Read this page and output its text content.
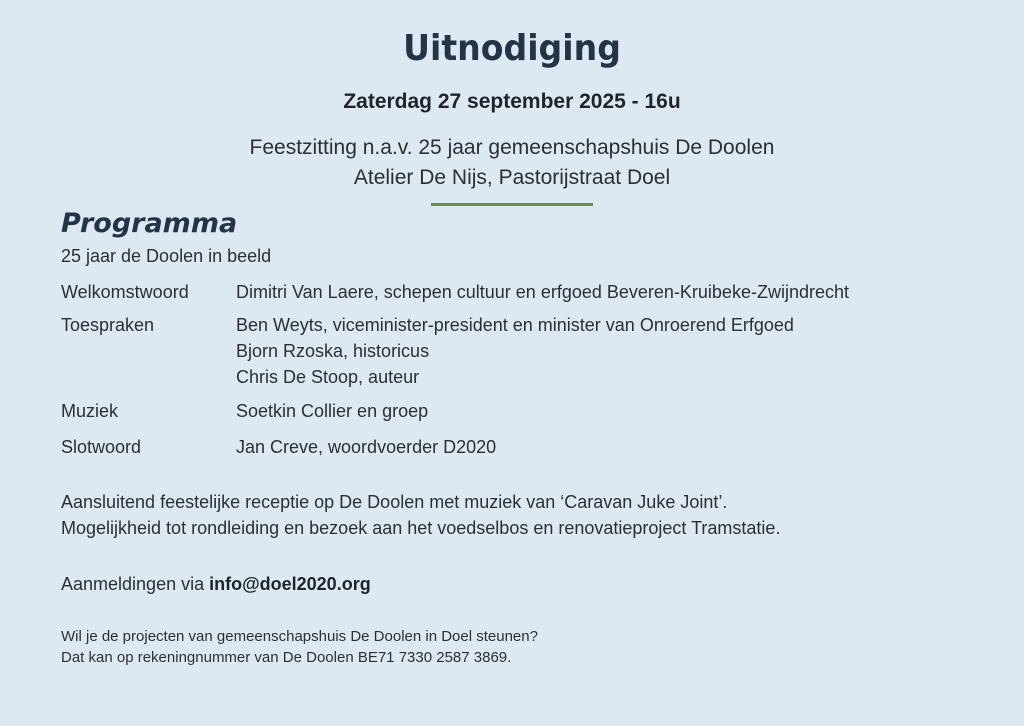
Uitnodiging
Zaterdag 27 september 2025 - 16u
Feestzitting n.a.v. 25 jaar gemeenschapshuis De Doolen
Atelier De Nijs, Pastorijstraat Doel
Programma
25 jaar de Doolen in beeld
Welkomstwoord	Dimitri Van Laere, schepen cultuur en erfgoed Beveren-Kruibeke-Zwijndrecht
Toespraken	Ben Weyts, viceminister-president en minister van Onroerend Erfgoed
Bjorn Rzoska, historicus
Chris De Stoop, auteur
Muziek	Soetkin Collier en groep
Slotwoord	Jan Creve, woordvoerder D2020
Aansluitend feestelijke receptie op De Doolen met muziek van ‘Caravan Juke Joint’.
Mogelijkheid tot rondleiding en bezoek aan het voedselbos en renovatieproject Tramstatie.
Aanmeldingen via info@doel2020.org
Wil je de projecten van gemeenschapshuis De Doolen in Doel steunen?
Dat kan op rekeningnummer van De Doolen BE71 7330 2587 3869.
